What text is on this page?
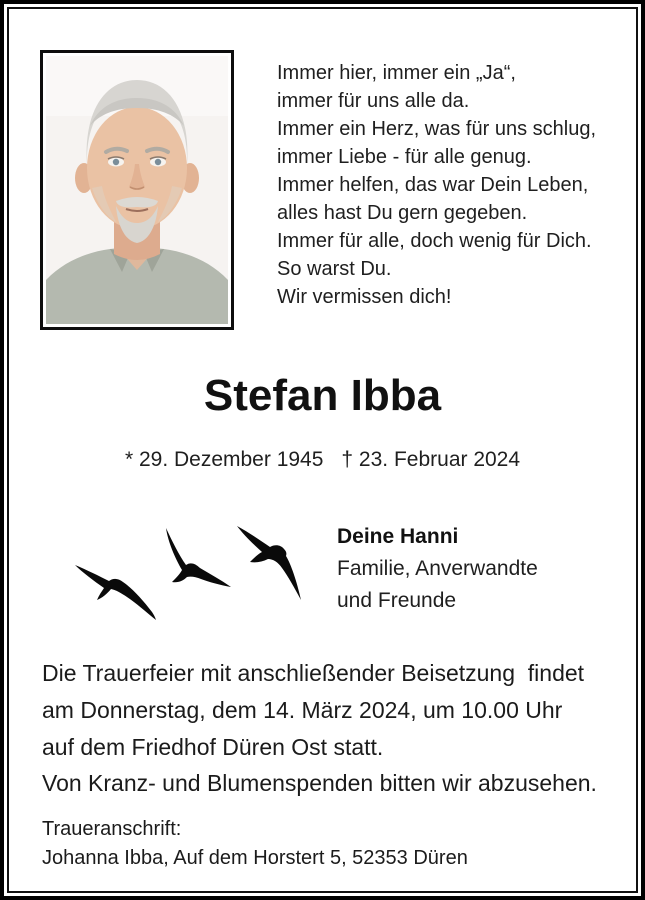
Immer hier, immer ein „Ja“,
immer für uns alle da.
Immer ein Herz, was für uns schlug,
immer Liebe - für alle genug.
Immer helfen, das war Dein Leben,
alles hast Du gern gegeben.
Immer für alle, doch wenig für Dich.
So warst Du.
Wir vermissen dich!
Stefan Ibba
* 29. Dezember 1945 † 23. Februar 2024
Deine Hanni
Familie, Anverwandte
und Freunde
Die Trauerfeier mit anschließender Beisetzung  findet
am Donnerstag, dem 14. März 2024, um 10.00 Uhr
auf dem Friedhof Düren Ost statt.
Von Kranz- und Blumenspenden bitten wir abzusehen.
Traueranschrift:
Johanna Ibba, Auf dem Horstert 5, 52353 Düren
